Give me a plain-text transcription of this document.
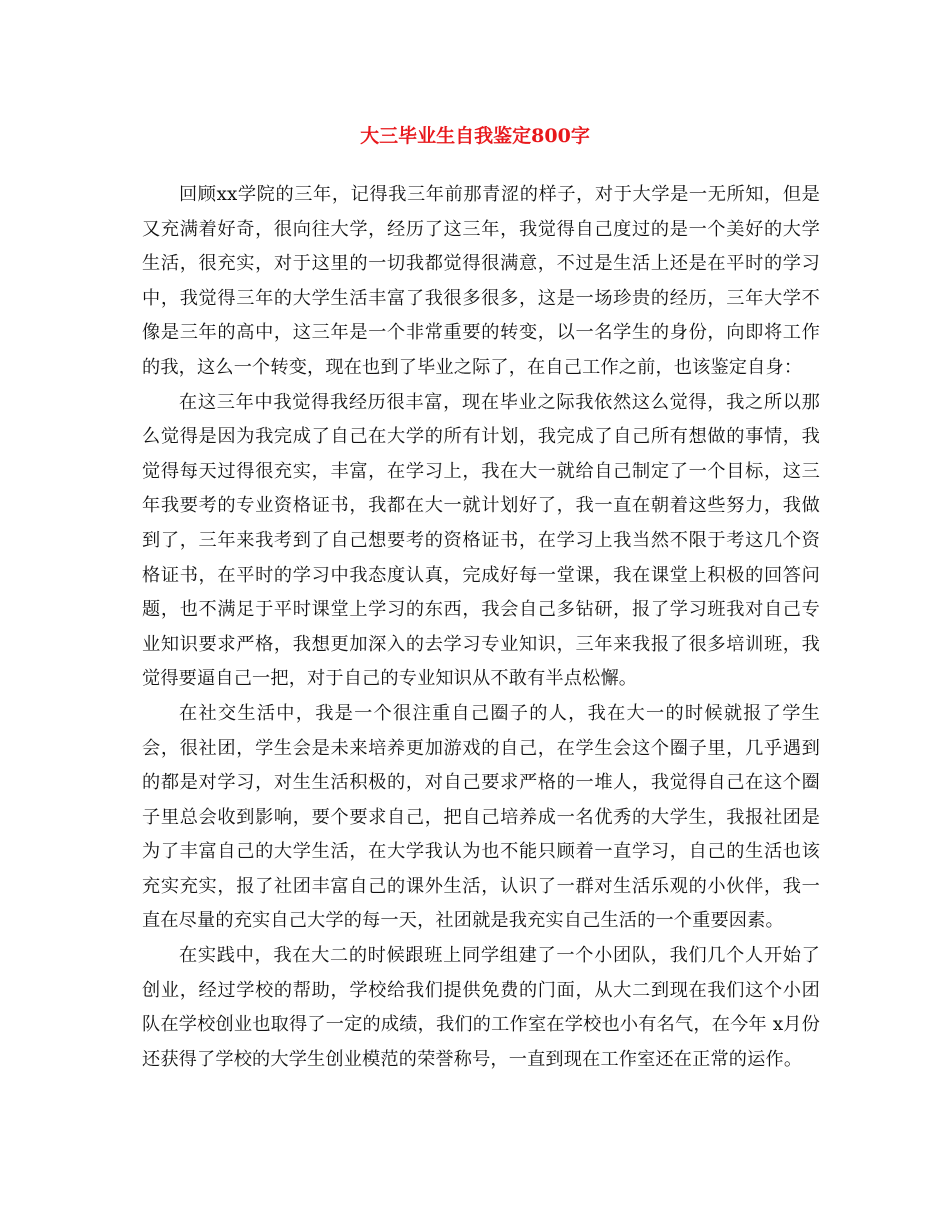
大三毕业生自我鉴定800字

回顾xx学院的三年，记得我三年前那青涩的样子，对于大学是一无所知，但是又充满着好奇，很向往大学，经历了这三年，我觉得自己度过的是一个美好的大学生活，很充实，对于这里的一切我都觉得很满意，不过是生活上还是在平时的学习中，我觉得三年的大学生活丰富了我很多很多，这是一场珍贵的经历，三年大学不像是三年的高中，这三年是一个非常重要的转变，以一名学生的身份，向即将工作的我，这么一个转变，现在也到了毕业之际了，在自己工作之前，也该鉴定自身：

在这三年中我觉得我经历很丰富，现在毕业之际我依然这么觉得，我之所以那么觉得是因为我完成了自己在大学的所有计划，我完成了自己所有想做的事情，我觉得每天过得很充实，丰富，在学习上，我在大一就给自己制定了一个目标，这三年我要考的专业资格证书，我都在大一就计划好了，我一直在朝着这些努力，我做到了，三年来我考到了自己想要考的资格证书，在学习上我当然不限于考这几个资格证书，在平时的学习中我态度认真，完成好每一堂课，我在课堂上积极的回答问题，也不满足于平时课堂上学习的东西，我会自己多钻研，报了学习班我对自己专业知识要求严格，我想更加深入的去学习专业知识，三年来我报了很多培训班，我觉得要逼自己一把，对于自己的专业知识从不敢有半点松懈。

在社交生活中，我是一个很注重自己圈子的人，我在大一的时候就报了学生会，很社团，学生会是未来培养更加游戏的自己，在学生会这个圈子里，几乎遇到的都是对学习，对生生活积极的，对自己要求严格的一堆人，我觉得自己在这个圈子里总会收到影响，要个要求自己，把自己培养成一名优秀的大学生，我报社团是为了丰富自己的大学生活，在大学我认为也不能只顾着一直学习，自己的生活也该充实充实，报了社团丰富自己的课外生活，认识了一群对生活乐观的小伙伴，我一直在尽量的充实自己大学的每一天，社团就是我充实自己生活的一个重要因素。

在实践中，我在大二的时候跟班上同学组建了一个小团队，我们几个人开始了创业，经过学校的帮助，学校给我们提供免费的门面，从大二到现在我们这个小团队在学校创业也取得了一定的成绩，我们的工作室在学校也小有名气，在今年 x月份还获得了学校的大学生创业模范的荣誉称号，一直到现在工作室还在正常的运作。
